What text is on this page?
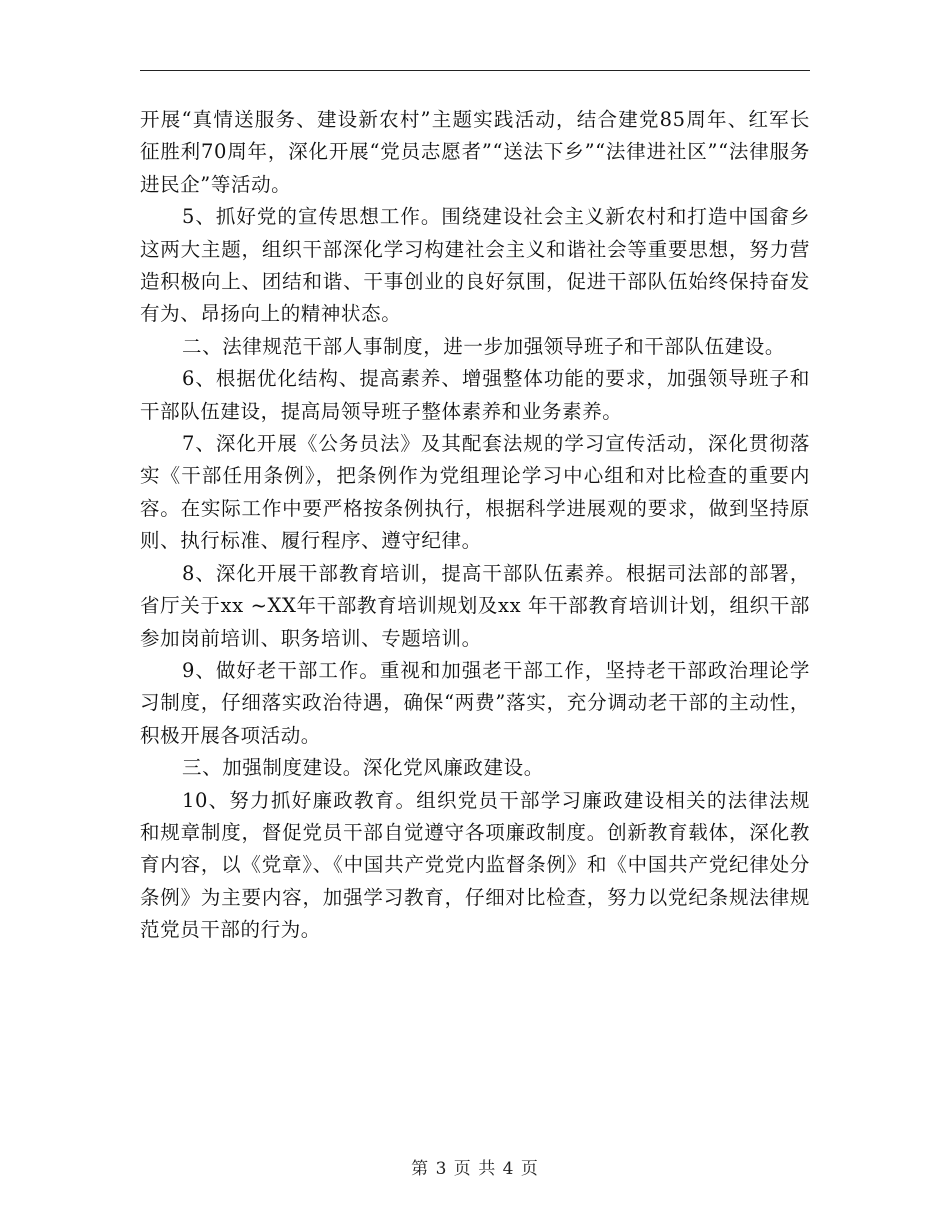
开展“真情送服务、建设新农村”主题实践活动，结合建党85周年、红军长征胜利70周年，深化开展“党员志愿者”“送法下乡”“法律进社区”“法律服务进民企”等活动。

5、抓好党的宣传思想工作。围绕建设社会主义新农村和打造中国畲乡这两大主题，组织干部深化学习构建社会主义和谐社会等重要思想，努力营造积极向上、团结和谐、干事创业的良好氛围，促进干部队伍始终保持奋发有为、昂扬向上的精神状态。

二、法律规范干部人事制度，进一步加强领导班子和干部队伍建设。

6、根据优化结构、提高素养、增强整体功能的要求，加强领导班子和干部队伍建设，提高局领导班子整体素养和业务素养。

7、深化开展《公务员法》及其配套法规的学习宣传活动，深化贯彻落实《干部任用条例》，把条例作为党组理论学习中心组和对比检查的重要内容。在实际工作中要严格按条例执行，根据科学进展观的要求，做到坚持原则、执行标准、履行程序、遵守纪律。

8、深化开展干部教育培训，提高干部队伍素养。根据司法部的部署，省厅关于xx ~XX年干部教育培训规划及xx 年干部教育培训计划，组织干部参加岗前培训、职务培训、专题培训。

9、做好老干部工作。重视和加强老干部工作，坚持老干部政治理论学习制度，仔细落实政治待遇，确保“两费”落实，充分调动老干部的主动性，积极开展各项活动。

三、加强制度建设。深化党风廉政建设。

10、努力抓好廉政教育。组织党员干部学习廉政建设相关的法律法规和规章制度，督促党员干部自觉遵守各项廉政制度。创新教育载体，深化教育内容，以《党章》、《中国共产党党内监督条例》和《中国共产党纪律处分条例》为主要内容，加强学习教育，仔细对比检查，努力以党纪条规法律规范党员干部的行为。

第 3 页 共 4 页
